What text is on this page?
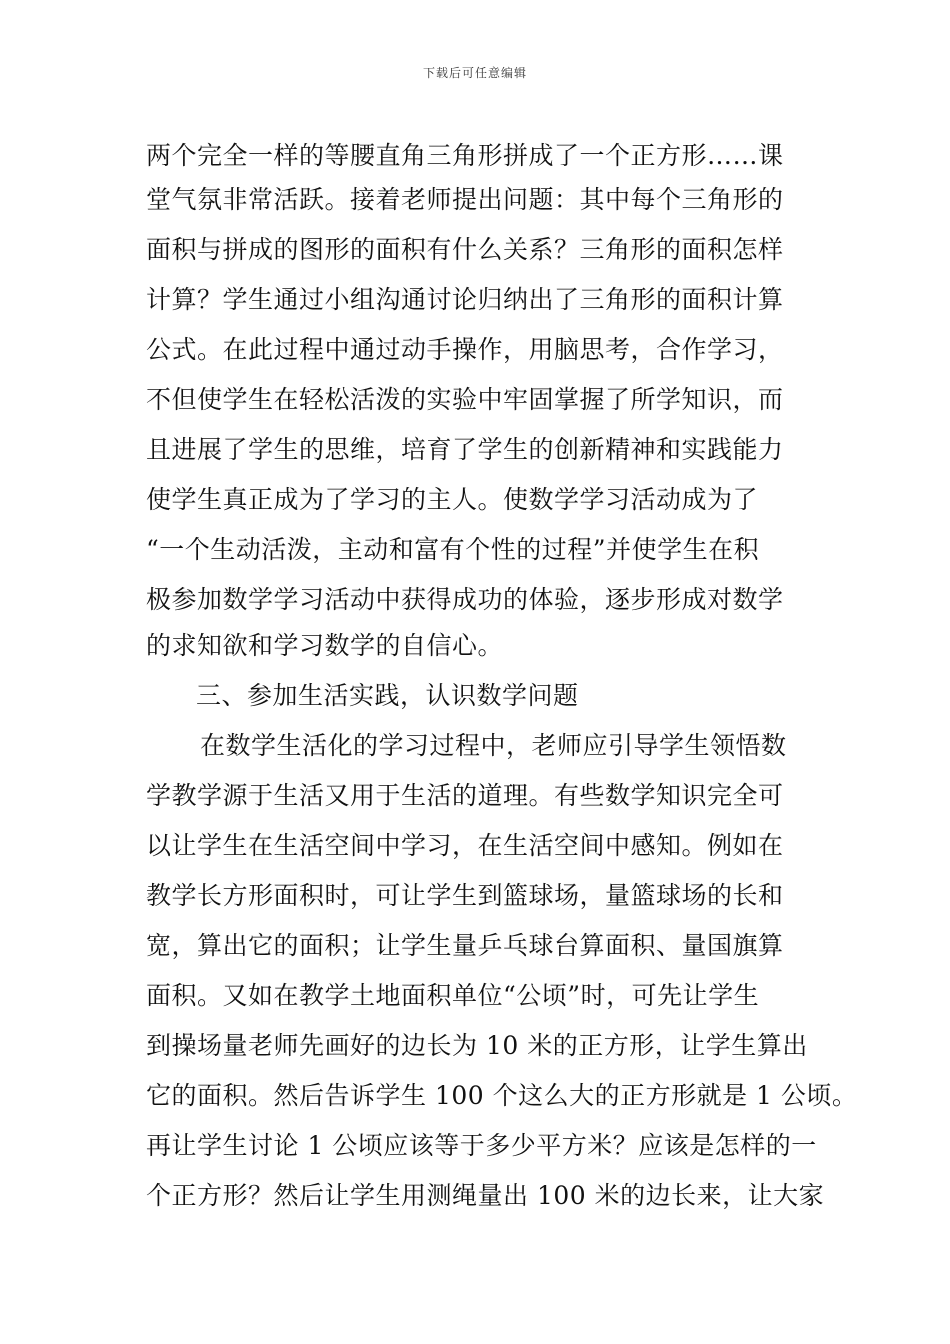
下载后可任意编辑
两个完全一样的等腰直角三角形拼成了一个正方形……课
堂气氛非常活跃。接着老师提出问题：其中每个三角形的
面积与拼成的图形的面积有什么关系？三角形的面积怎样
计算？学生通过小组沟通讨论归纳出了三角形的面积计算
公式。在此过程中通过动手操作，用脑思考，合作学习，
不但使学生在轻松活泼的实验中牢固掌握了所学知识，而
且进展了学生的思维，培育了学生的创新精神和实践能力
使学生真正成为了学习的主人。使数学学习活动成为了
“一个生动活泼，主动和富有个性的过程”并使学生在积
极参加数学学习活动中获得成功的体验，逐步形成对数学
的求知欲和学习数学的自信心。
三、参加生活实践，认识数学问题
在数学生活化的学习过程中，老师应引导学生领悟数
学教学源于生活又用于生活的道理。有些数学知识完全可
以让学生在生活空间中学习，在生活空间中感知。例如在
教学长方形面积时，可让学生到篮球场，量篮球场的长和
宽，算出它的面积；让学生量乒乓球台算面积、量国旗算
面积。又如在教学土地面积单位“公顷”时，可先让学生
到操场量老师先画好的边长为 10 米的正方形，让学生算出
它的面积。然后告诉学生 100 个这么大的正方形就是 1 公顷。
再让学生讨论 1 公顷应该等于多少平方米？应该是怎样的一
个正方形？然后让学生用测绳量出 100 米的边长来，让大家
